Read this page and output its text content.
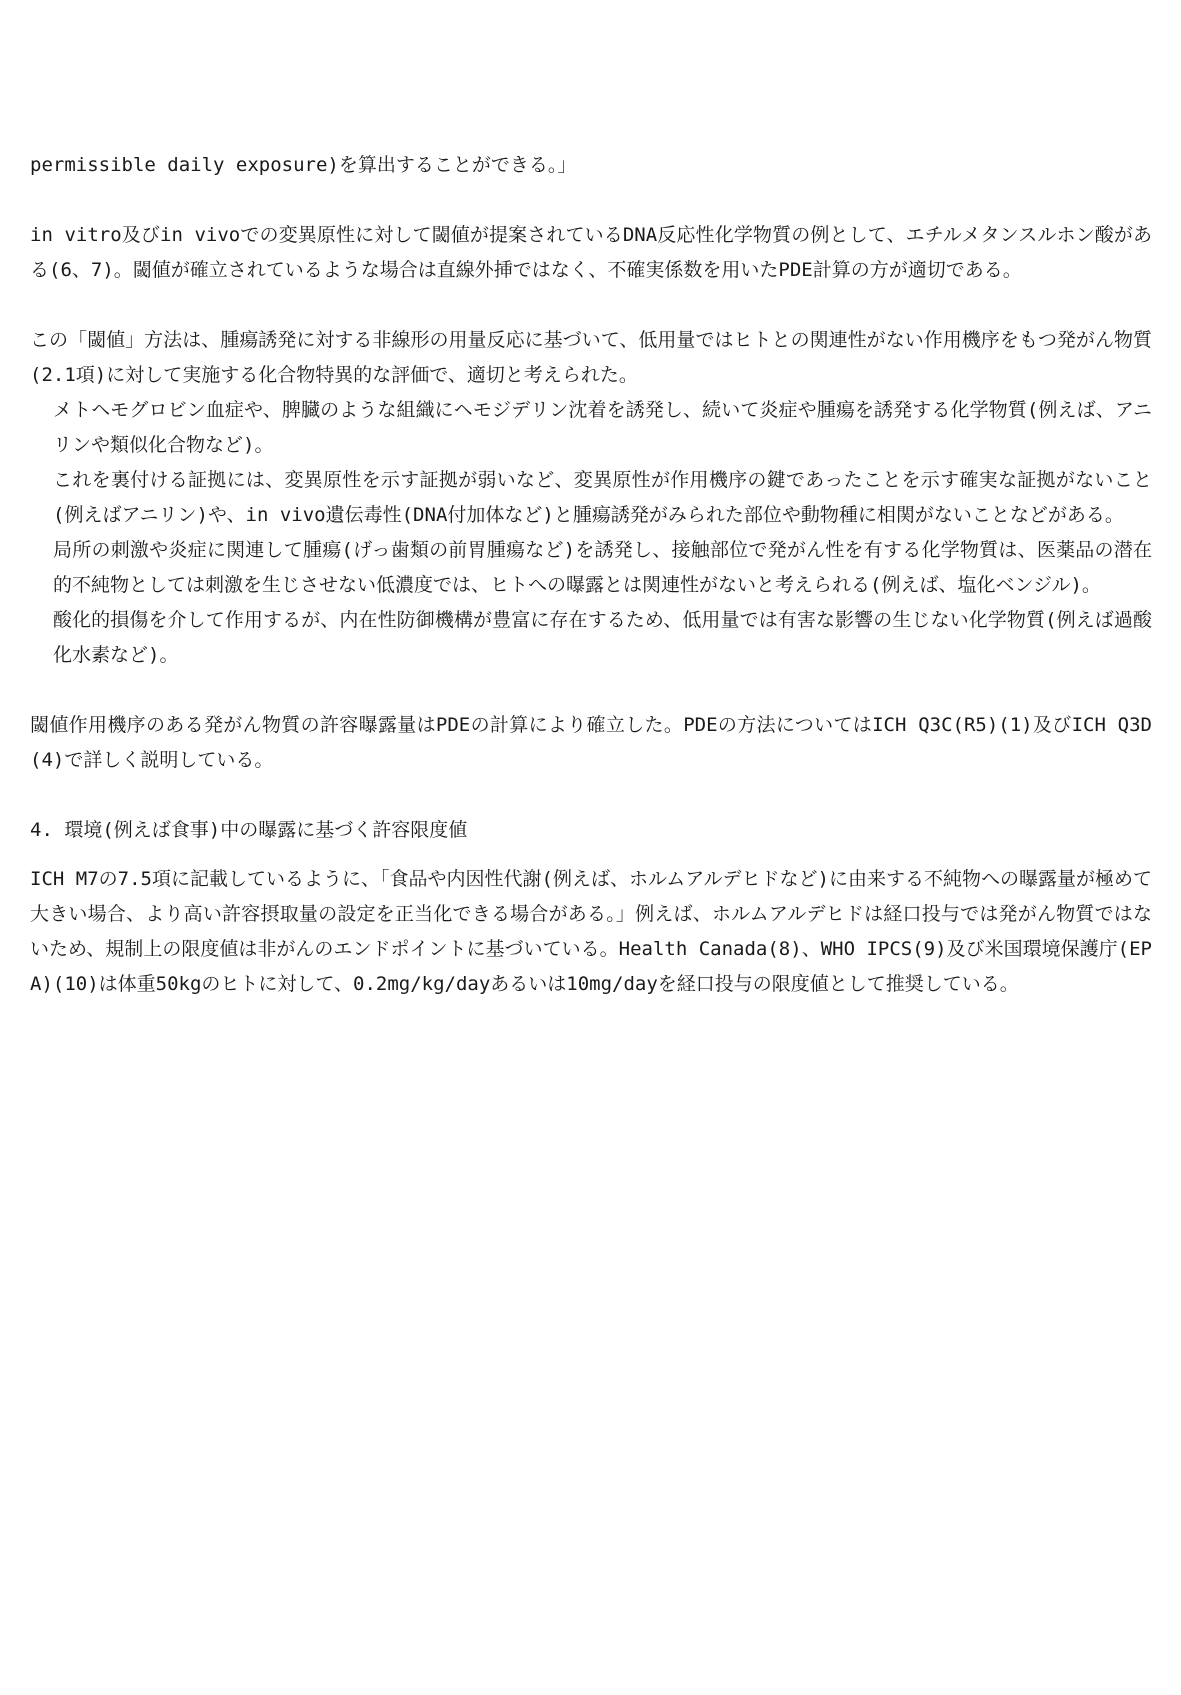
permissible daily exposure)を算出することができる。」

in vitro及びin vivoでの変異原性に対して閾値が提案されているDNA反応性化学物質の例として、エチルメタンスルホン酸がある(6、7)。閾値が確立されているような場合は直線外挿ではなく、不確実係数を用いたPDE計算の方が適切である。

この「閾値」方法は、腫瘍誘発に対する非線形の用量反応に基づいて、低用量ではヒトとの関連性がない作用機序をもつ発がん物質(2.1項)に対して実施する化合物特異的な評価で、適切と考えられた。

メトヘモグロビン血症や、脾臓のような組織にヘモジデリン沈着を誘発し、続いて炎症や腫瘍を誘発する化学物質(例えば、アニリンや類似化合物など)。

これを裏付ける証拠には、変異原性を示す証拠が弱いなど、変異原性が作用機序の鍵であったことを示す確実な証拠がないこと(例えばアニリン)や、in vivo遺伝毒性(DNA付加体など)と腫瘍誘発がみられた部位や動物種に相関がないことなどがある。

局所の刺激や炎症に関連して腫瘍(げっ歯類の前胃腫瘍など)を誘発し、接触部位で発がん性を有する化学物質は、医薬品の潜在的不純物としては刺激を生じさせない低濃度では、ヒトへの曝露とは関連性がないと考えられる(例えば、塩化ベンジル)。

酸化的損傷を介して作用するが、内在性防御機構が豊富に存在するため、低用量では有害な影響の生じない化学物質(例えば過酸化水素など)。

閾値作用機序のある発がん物質の許容曝露量はPDEの計算により確立した。PDEの方法についてはICH Q3C(R5)(1)及びICH Q3D(4)で詳しく説明している。

4. 環境(例えば食事)中の曝露に基づく許容限度値

ICH M7の7.5項に記載しているように、「食品や内因性代謝(例えば、ホルムアルデヒドなど)に由来する不純物への曝露量が極めて大きい場合、より高い許容摂取量の設定を正当化できる場合がある。」例えば、ホルムアルデヒドは経口投与では発がん物質ではないため、規制上の限度値は非がんのエンドポイントに基づいている。Health Canada(8)、WHO IPCS(9)及び米国環境保護庁(EPA)(10)は体重50kgのヒトに対して、0.2mg/kg/dayあるいは10mg/dayを経口投与の限度値として推奨している。
